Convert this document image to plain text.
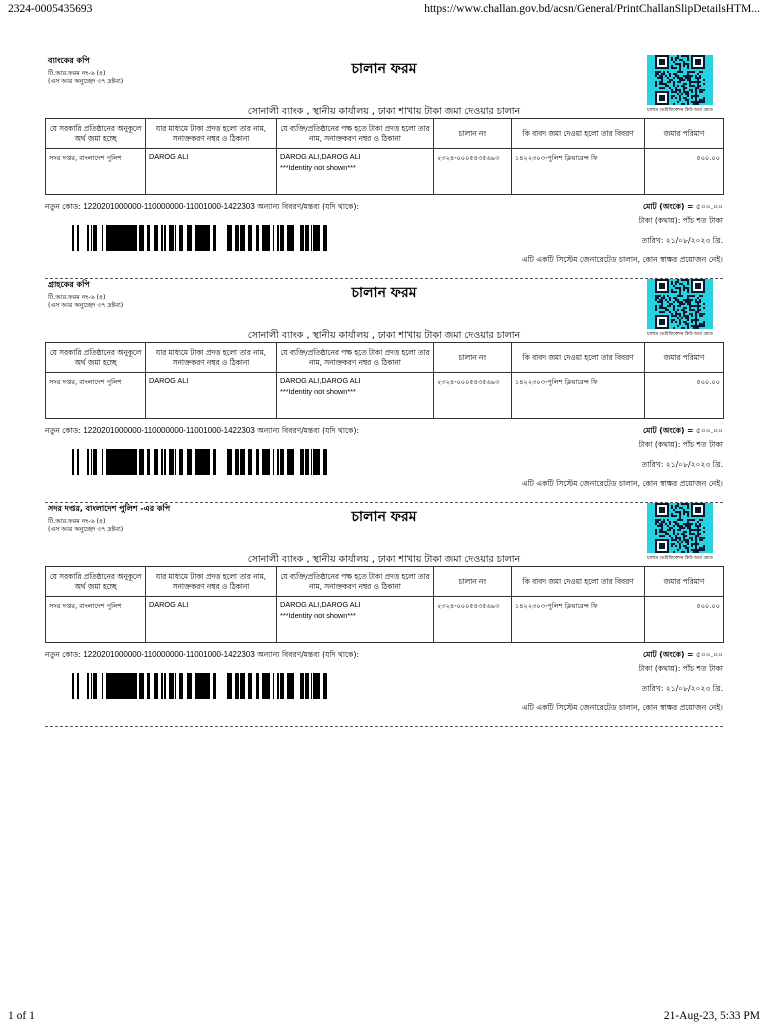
2324-0005435693	https://www.challan.gov.bd/acsn/General/PrintChallanSlipDetailsHTM...
ব্যাংকের কপি
টি.আর.ফরম নং-৬ (৪)
(এস আর অনুচ্ছেদ ৩৭ দ্রষ্টব্য)
চালান ফরম
চালান ভেরিফিকেশন কিউ আর কোড
সোনালী ব্যাংক , স্থানীয় কার্যালয় , ঢাকা শাখায় টাকা জমা দেওয়ার চালান
যে সরকারি প্রতিষ্ঠানের অনুকূলে অর্থ জমা হচ্ছে	যার মাধ্যমে টাকা প্রদত্ত হলো তার নাম, সনাক্তকরণ নম্বর ও ঠিকানা	যে ব্যক্তি/প্রতিষ্ঠানের পক্ষ হতে টাকা প্রদত্ত হলো তার নাম, সনাক্তকরণ নম্বর ও ঠিকানা	চালান নং	কি বাবদ জমা দেওয়া হলো তার বিবরণ	জমার পরিমাণ
সদর দপ্তর, বাংলাদেশ পুলিশ	DAROG ALI	DAROG ALI,DAROG ALI
***Identity not shown***	২৩২৪-০০০৫৪৩৫৬৯৩	১৪২২৩০৩-পুলিশ ক্লিয়ারেন্স ফি	৫০০.০০
নতুন কোড: 1220201000000-110000000-11001000-1422303 অন্যান্য বিবরণ/মন্তব্য (যদি থাকে):	মোট (অংকে) = ৫০০.০০
টাকা (কথায়): পাঁচ শত টাকা
তারিখ: ২১/০৮/২০২৩ খ্রি.
এটি একটি সিস্টেম জেনারেটেড চালান, কোন স্বাক্ষর প্রয়োজন নেই।
গ্রাহকের কপি
টি.আর.ফরম নং-৬ (৪)
(এস আর অনুচ্ছেদ ৩৭ দ্রষ্টব্য)
চালান ফরম
চালান ভেরিফিকেশন কিউ আর কোড
সোনালী ব্যাংক , স্থানীয় কার্যালয় , ঢাকা শাখায় টাকা জমা দেওয়ার চালান
যে সরকারি প্রতিষ্ঠানের অনুকূলে অর্থ জমা হচ্ছে	যার মাধ্যমে টাকা প্রদত্ত হলো তার নাম, সনাক্তকরণ নম্বর ও ঠিকানা	যে ব্যক্তি/প্রতিষ্ঠানের পক্ষ হতে টাকা প্রদত্ত হলো তার নাম, সনাক্তকরণ নম্বর ও ঠিকানা	চালান নং	কি বাবদ জমা দেওয়া হলো তার বিবরণ	জমার পরিমাণ
সদর দপ্তর, বাংলাদেশ পুলিশ	DAROG ALI	DAROG ALI,DAROG ALI
***Identity not shown***	২৩২৪-০০০৫৪৩৫৬৯৩	১৪২২৩০৩-পুলিশ ক্লিয়ারেন্স ফি	৫০০.০০
নতুন কোড: 1220201000000-110000000-11001000-1422303 অন্যান্য বিবরণ/মন্তব্য (যদি থাকে):	মোট (অংকে) = ৫০০.০০
টাকা (কথায়): পাঁচ শত টাকা
তারিখ: ২১/০৮/২০২৩ খ্রি.
এটি একটি সিস্টেম জেনারেটেড চালান, কোন স্বাক্ষর প্রয়োজন নেই।
সদর দপ্তর, বাংলাদেশ পুলিশ -এর কপি
টি.আর.ফরম নং-৬ (৪)
(এস আর অনুচ্ছেদ ৩৭ দ্রষ্টব্য)
চালান ফরম
চালান ভেরিফিকেশন কিউ আর কোড
সোনালী ব্যাংক , স্থানীয় কার্যালয় , ঢাকা শাখায় টাকা জমা দেওয়ার চালান
যে সরকারি প্রতিষ্ঠানের অনুকূলে অর্থ জমা হচ্ছে	যার মাধ্যমে টাকা প্রদত্ত হলো তার নাম, সনাক্তকরণ নম্বর ও ঠিকানা	যে ব্যক্তি/প্রতিষ্ঠানের পক্ষ হতে টাকা প্রদত্ত হলো তার নাম, সনাক্তকরণ নম্বর ও ঠিকানা	চালান নং	কি বাবদ জমা দেওয়া হলো তার বিবরণ	জমার পরিমাণ
সদর দপ্তর, বাংলাদেশ পুলিশ	DAROG ALI	DAROG ALI,DAROG ALI
***Identity not shown***	২৩২৪-০০০৫৪৩৫৬৯৩	১৪২২৩০৩-পুলিশ ক্লিয়ারেন্স ফি	৫০০.০০
নতুন কোড: 1220201000000-110000000-11001000-1422303 অন্যান্য বিবরণ/মন্তব্য (যদি থাকে):	মোট (অংকে) = ৫০০.০০
টাকা (কথায়): পাঁচ শত টাকা
তারিখ: ২১/০৮/২০২৩ খ্রি.
এটি একটি সিস্টেম জেনারেটেড চালান, কোন স্বাক্ষর প্রয়োজন নেই।
1 of 1	21-Aug-23, 5:33 PM
